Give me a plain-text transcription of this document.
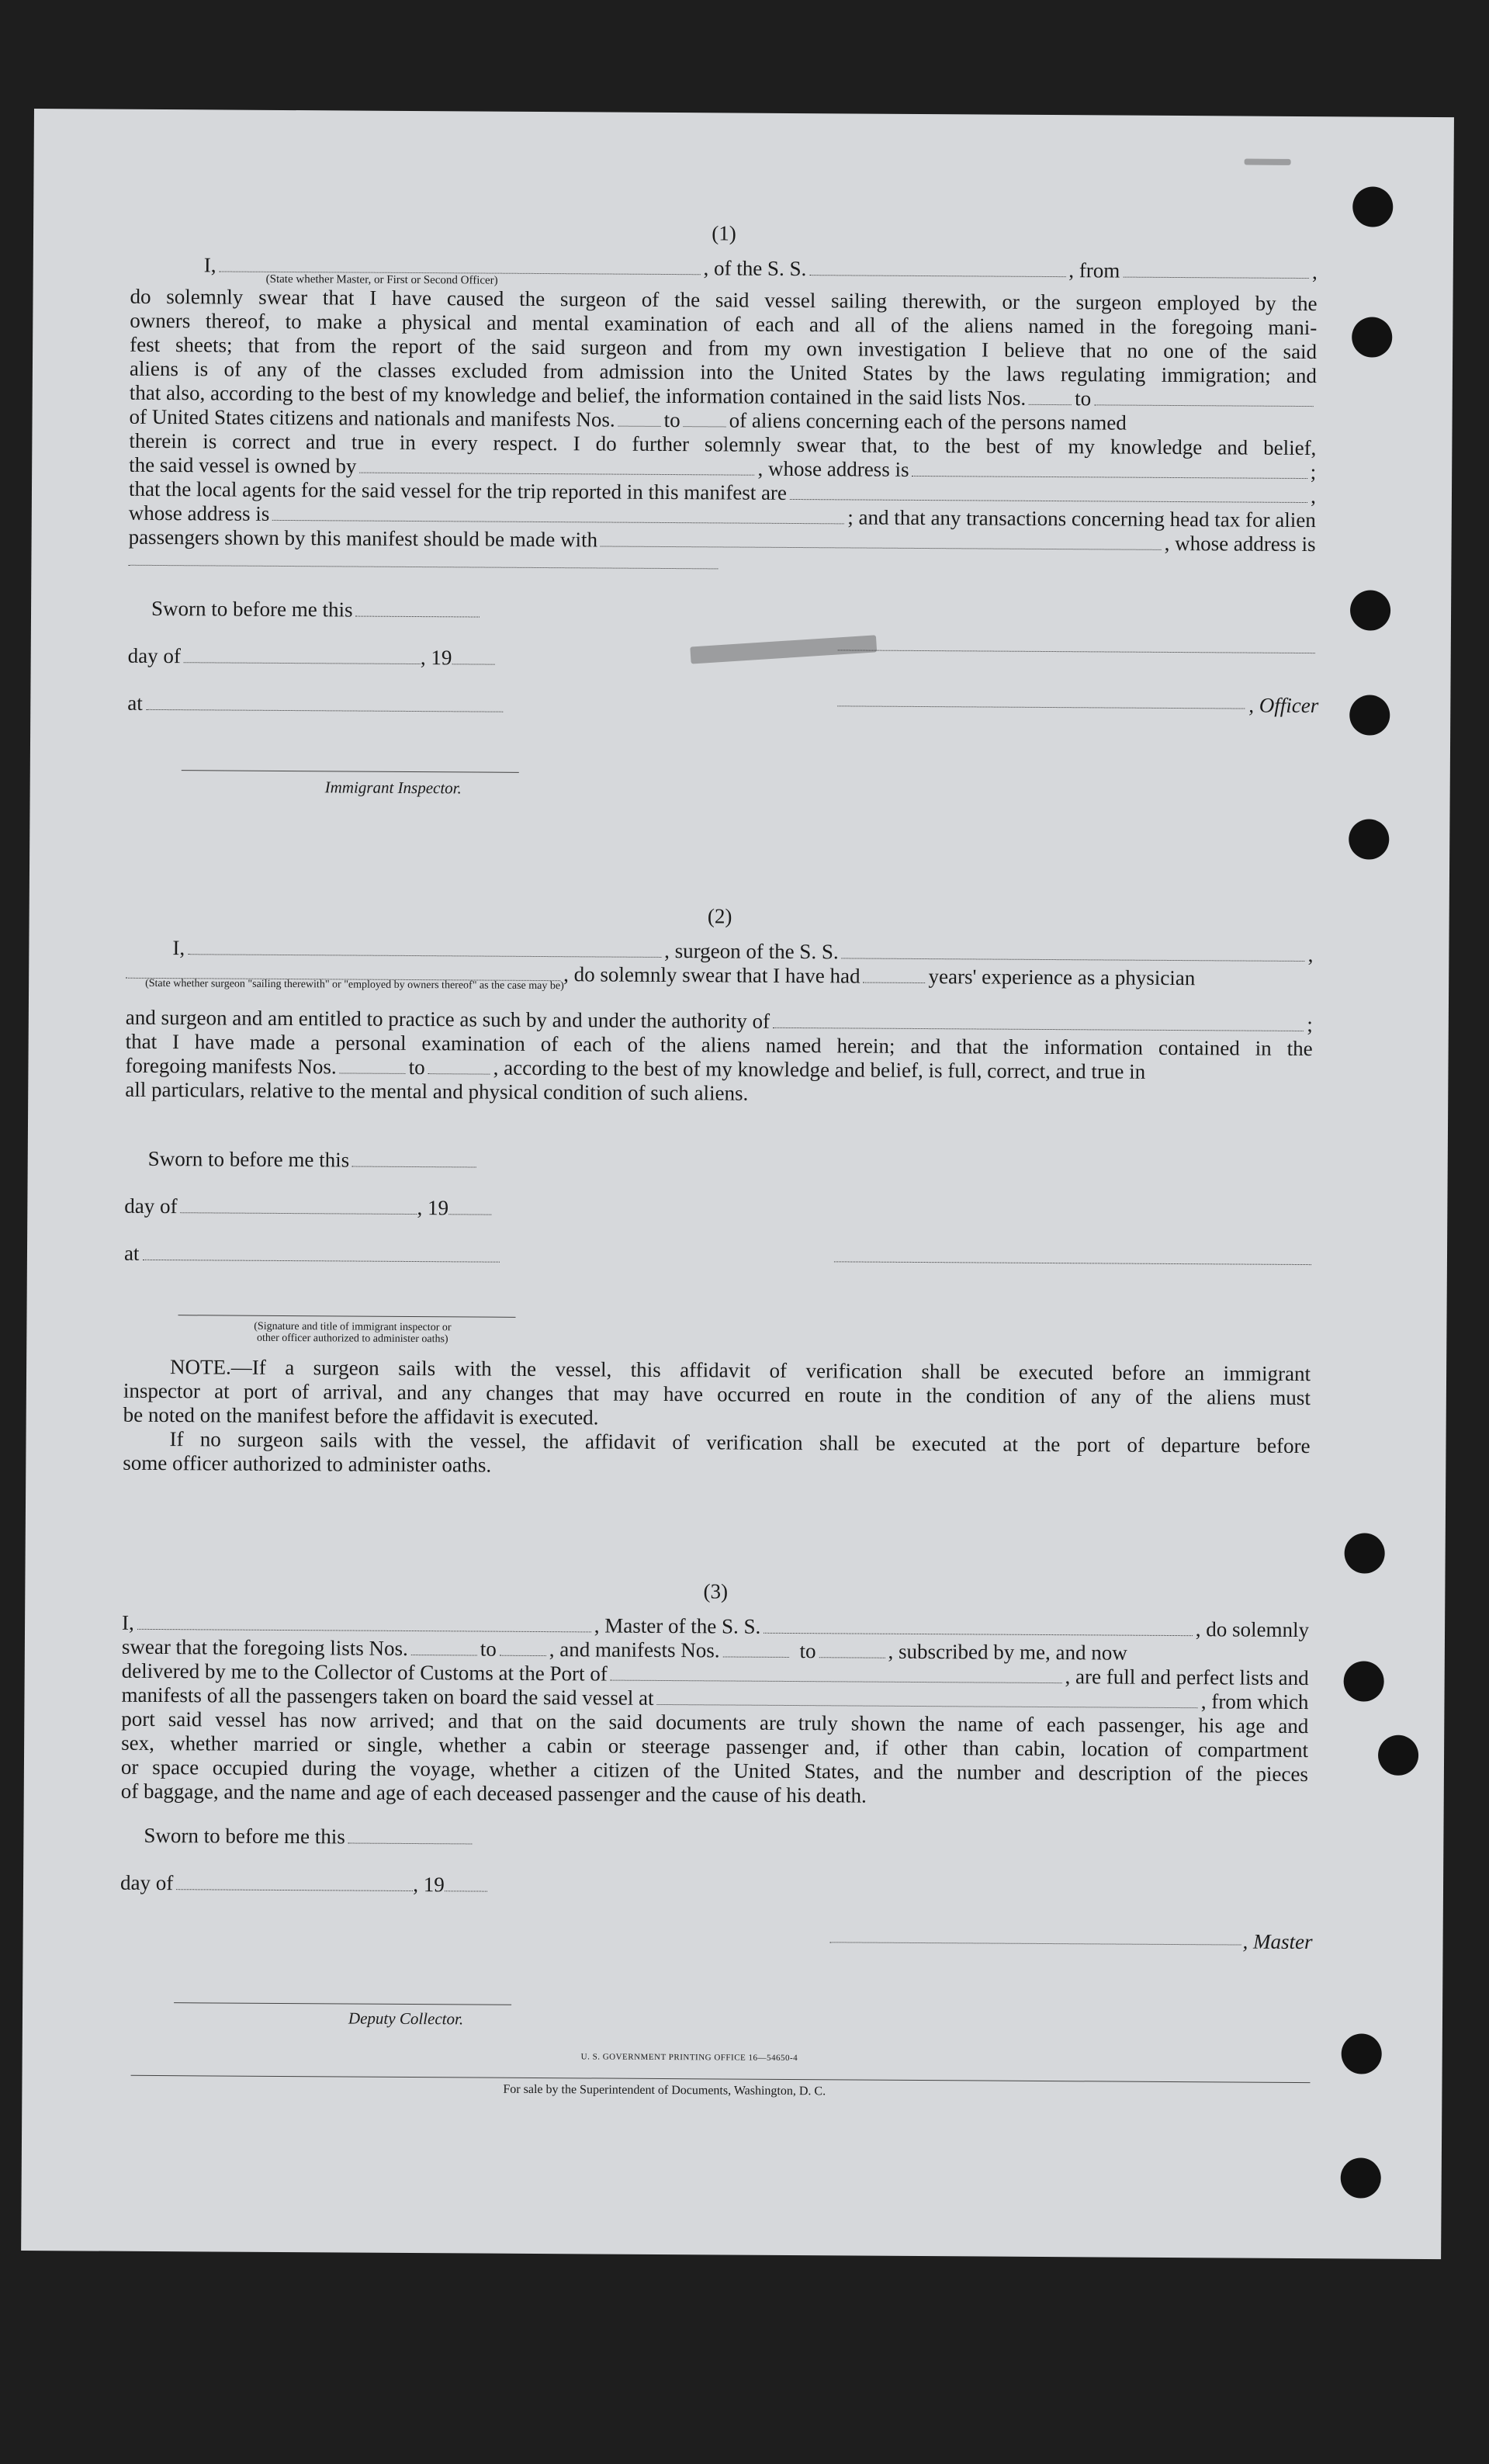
(1)

I,	, of the S. S.	, from	,
(State whether Master, or First or Second Officer)
do solemnly swear that I have caused the surgeon of the said vessel sailing therewith, or the surgeon employed by the
owners thereof, to make a physical and mental examination of each and all of the aliens named in the foregoing mani-
fest sheets; that from the report of the said surgeon and from my own investigation I believe that no one of the said
aliens is of any of the classes excluded from admission into the United States by the laws regulating immigration; and
that also, according to the best of my knowledge and belief, the information contained in the said lists Nos. to
of United States citizens and nationals and manifests Nos. to of aliens concerning each of the persons named
therein is correct and true in every respect. I do further solemnly swear that, to the best of my knowledge and belief,
the said vessel is owned by	, whose address is	;
that the local agents for the said vessel for the trip reported in this manifest are	,
whose address is	; and that any transactions concerning head tax for alien
passengers shown by this manifest should be made with	, whose address is
Sworn to before me this
day of	, 19
at	, Officer
Immigrant Inspector.

(2)

I,	, surgeon of the S. S.	,
, do solemnly swear that I have had	years' experience as a physician
(State whether surgeon "sailing therewith" or "employed by owners thereof" as the case may be)
and surgeon and am entitled to practice as such by and under the authority of	;
that I have made a personal examination of each of the aliens named herein; and that the information contained in the
foregoing manifests Nos.	to	, according to the best of my knowledge and belief, is full, correct, and true in
all particulars, relative to the mental and physical condition of such aliens.
Sworn to before me this
day of	, 19
at
(Signature and title of immigrant inspector or
other officer authorized to administer oaths)
NOTE.—If a surgeon sails with the vessel, this affidavit of verification shall be executed before an immigrant
inspector at port of arrival, and any changes that may have occurred en route in the condition of any of the aliens must
be noted on the manifest before the affidavit is executed.
If no surgeon sails with the vessel, the affidavit of verification shall be executed at the port of departure before
some officer authorized to administer oaths.

(3)

I,	, Master of the S. S.	, do solemnly
swear that the foregoing lists Nos.	to	, and manifests Nos.	to	, subscribed by me, and now
delivered by me to the Collector of Customs at the Port of	, are full and perfect lists and
manifests of all the passengers taken on board the said vessel at	, from which
port said vessel has now arrived; and that on the said documents are truly shown the name of each passenger, his age and
sex, whether married or single, whether a cabin or steerage passenger and, if other than cabin, location of compartment
or space occupied during the voyage, whether a citizen of the United States, and the number and description of the pieces
of baggage, and the name and age of each deceased passenger and the cause of his death.
Sworn to before me this
day of	, 19
, Master
Deputy Collector.
U. S. GOVERNMENT PRINTING OFFICE 16—54650-4
For sale by the Superintendent of Documents, Washington, D. C.
